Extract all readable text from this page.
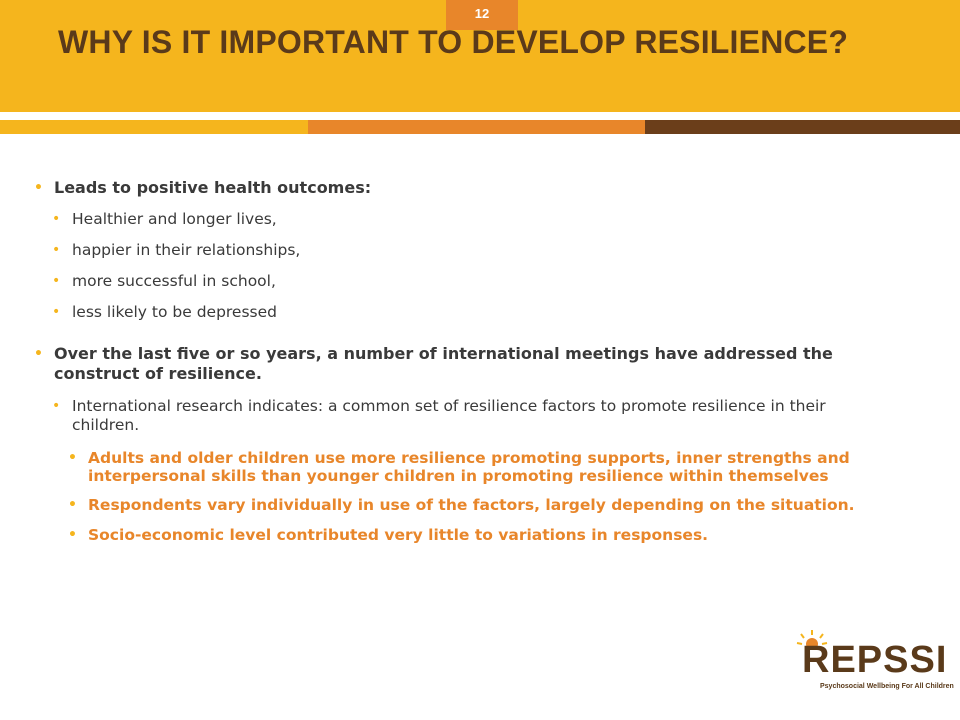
12
WHY IS IT IMPORTANT TO DEVELOP RESILIENCE?
• Leads to positive health outcomes:
• Healthier and longer lives,
• happier in their relationships,
• more successful in school,
• less likely to be depressed
• Over the last five or so years, a number of international meetings have addressed the construct of resilience.
• International research indicates: a common set of resilience factors to promote resilience in their children.
• Adults and older children use more resilience promoting supports, inner strengths and interpersonal skills than younger children in promoting resilience within themselves
• Respondents vary individually in use of the factors, largely depending on the situation.
• Socio-economic level contributed very little to variations in responses.
REPSSI
Psychosocial Wellbeing For All Children
